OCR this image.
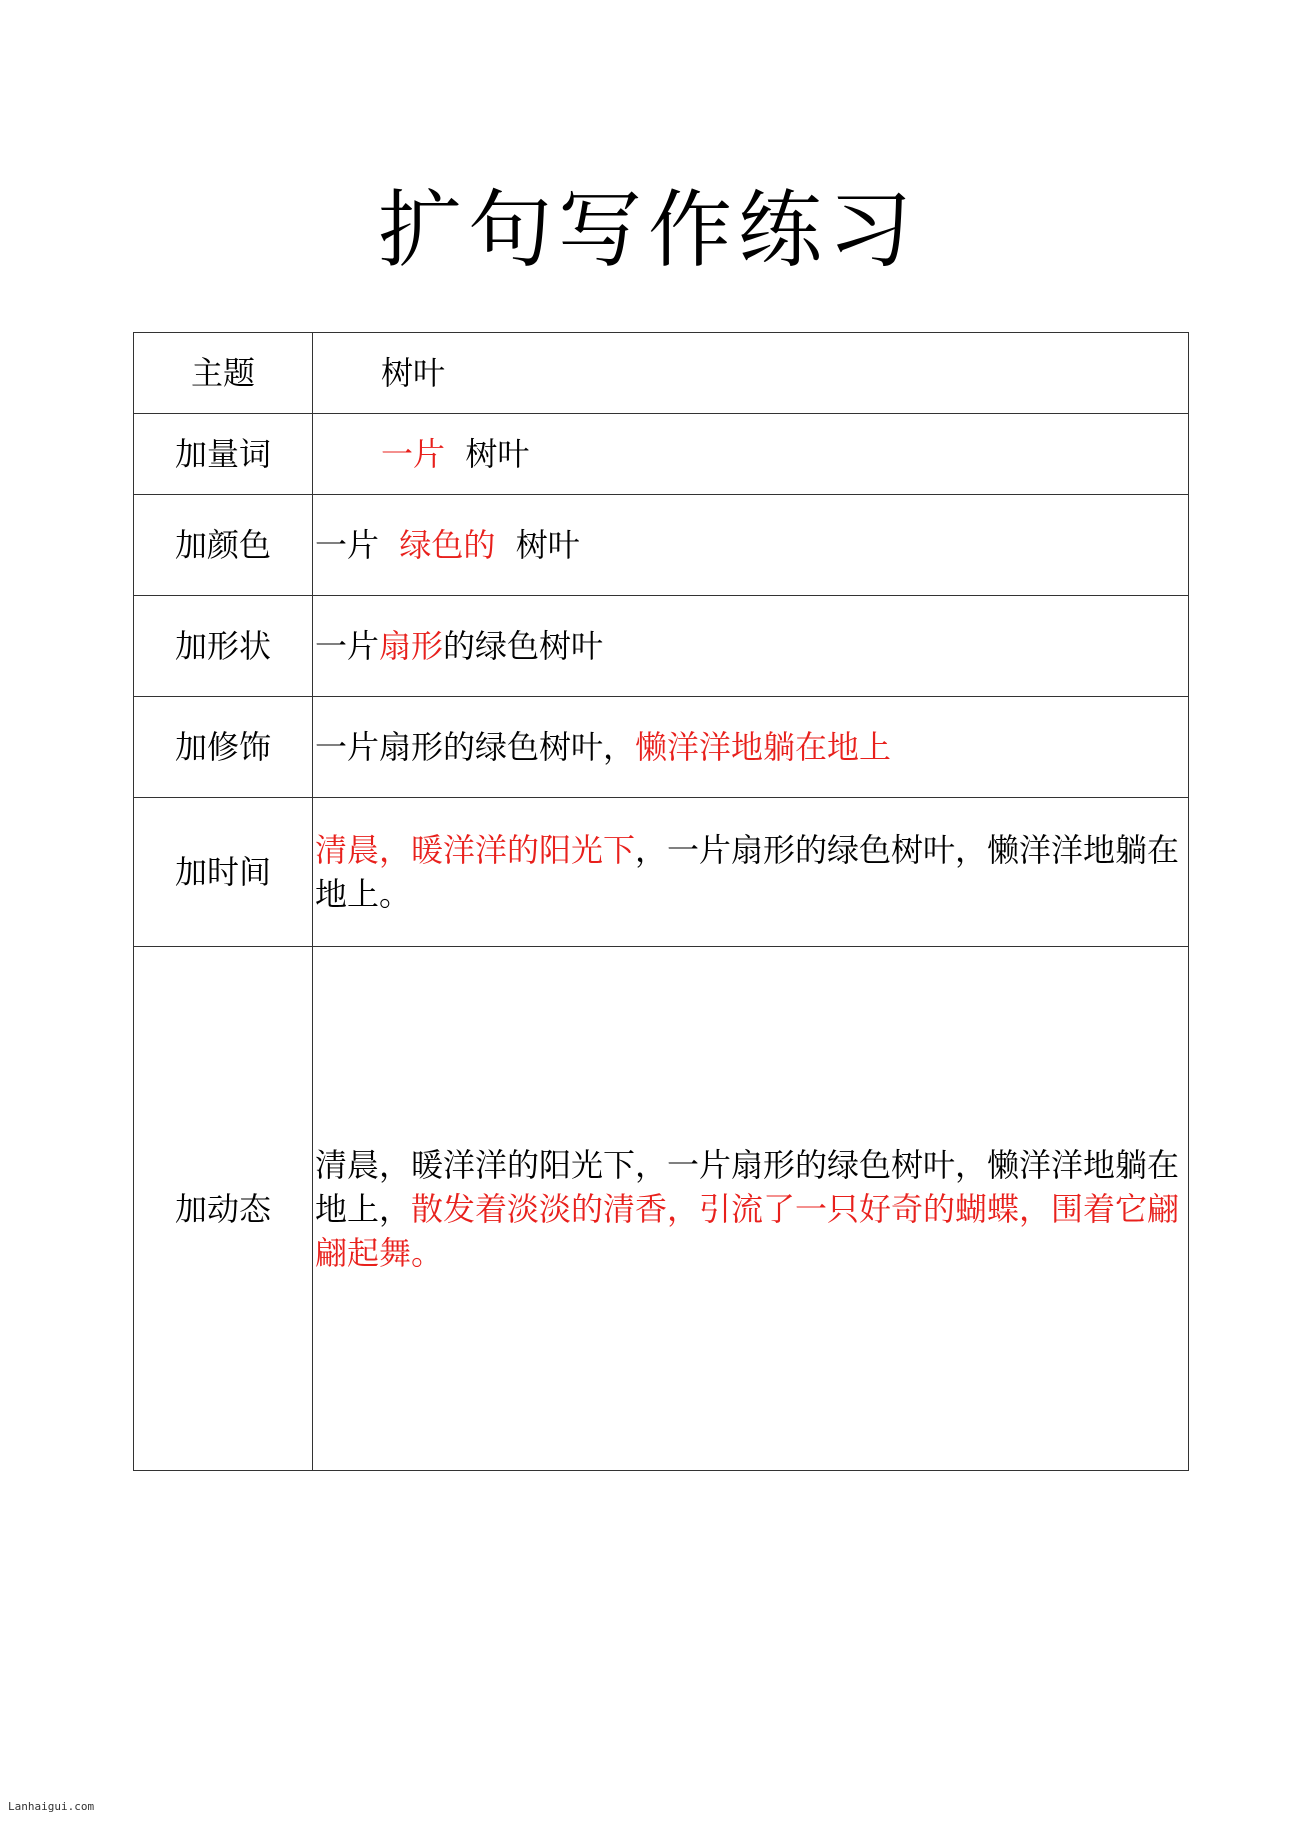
扩句写作练习
主题	树叶
加量词	一片  树叶
加颜色	一片  绿色的  树叶
加形状	一片扇形的绿色树叶
加修饰	一片扇形的绿色树叶，懒洋洋地躺在地上
加时间	清晨，暖洋洋的阳光下，一片扇形的绿色树叶，懒洋洋地躺在地上。
加动态	清晨，暖洋洋的阳光下，一片扇形的绿色树叶，懒洋洋地躺在地上，散发着淡淡的清香，引流了一只好奇的蝴蝶，围着它翩翩起舞。
Lanhaigui.com
